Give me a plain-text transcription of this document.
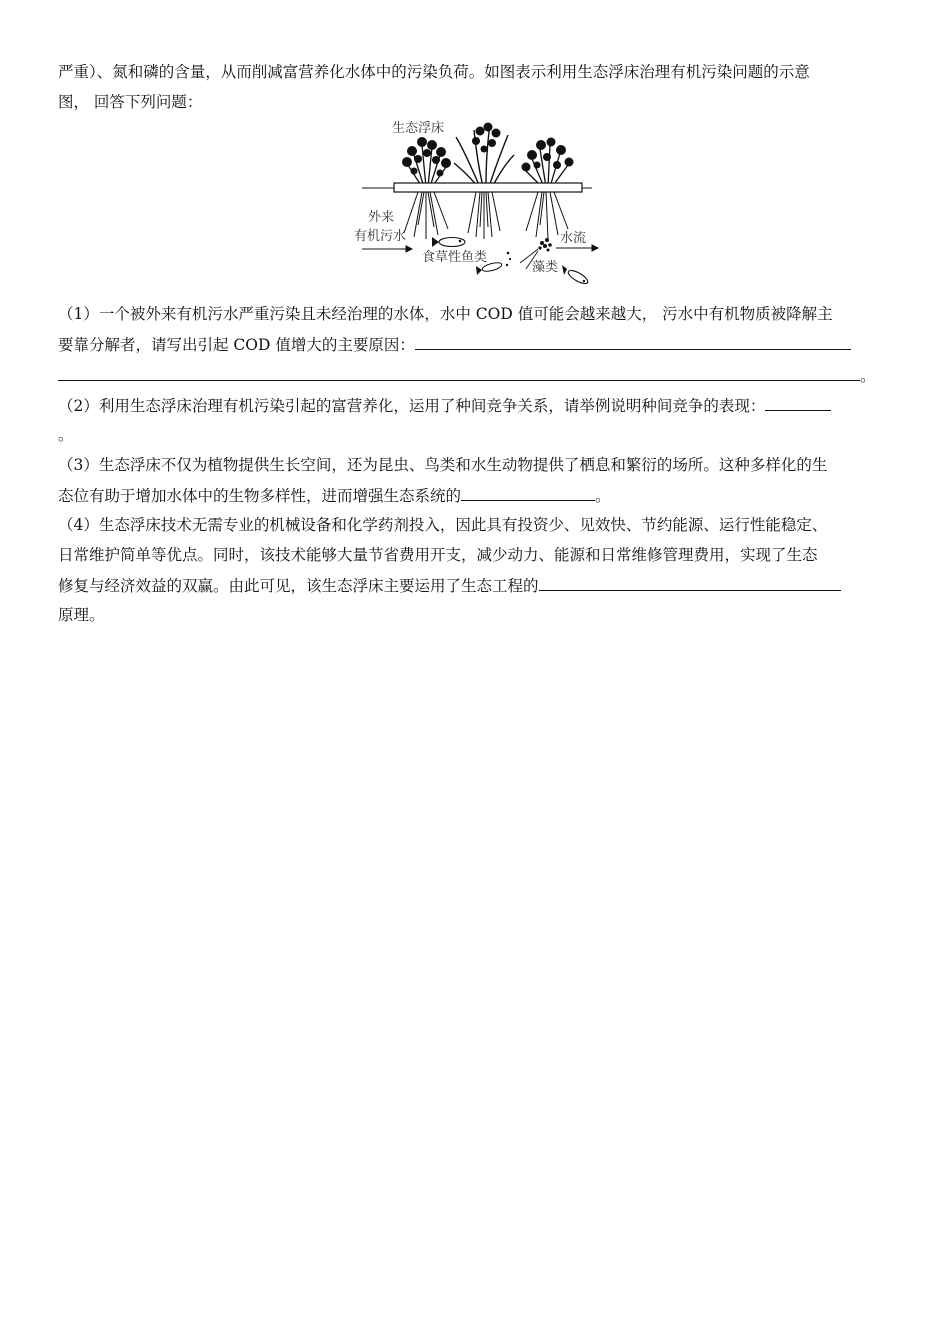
严重）、氮和磷的含量，从而削减富营养化水体中的污染负荷。如图表示利用生态浮床治理有机污染问题的示意
图， 回答下列问题：
生态浮床
外来
有机污水
食草性鱼类
水流
藻类
（1）一个被外来有机污水严重污染且未经治理的水体，水中 COD 值可能会越来越大， 污水中有机物质被降解主
要靠分解者，请写出引起 COD 值增大的主要原因：
。
（2）利用生态浮床治理有机污染引起的富营养化，运用了种间竞争关系，请举例说明种间竞争的表现：
。
（3）生态浮床不仅为植物提供生长空间，还为昆虫、鸟类和水生动物提供了栖息和繁衍的场所。这种多样化的生
态位有助于增加水体中的生物多样性，进而增强生态系统的	。
（4）生态浮床技术无需专业的机械设备和化学药剂投入，因此具有投资少、见效快、节约能源、运行性能稳定、
日常维护简单等优点。同时，该技术能够大量节省费用开支，减少动力、能源和日常维修管理费用，实现了生态
修复与经济效益的双赢。由此可见，该生态浮床主要运用了生态工程的
原理。
